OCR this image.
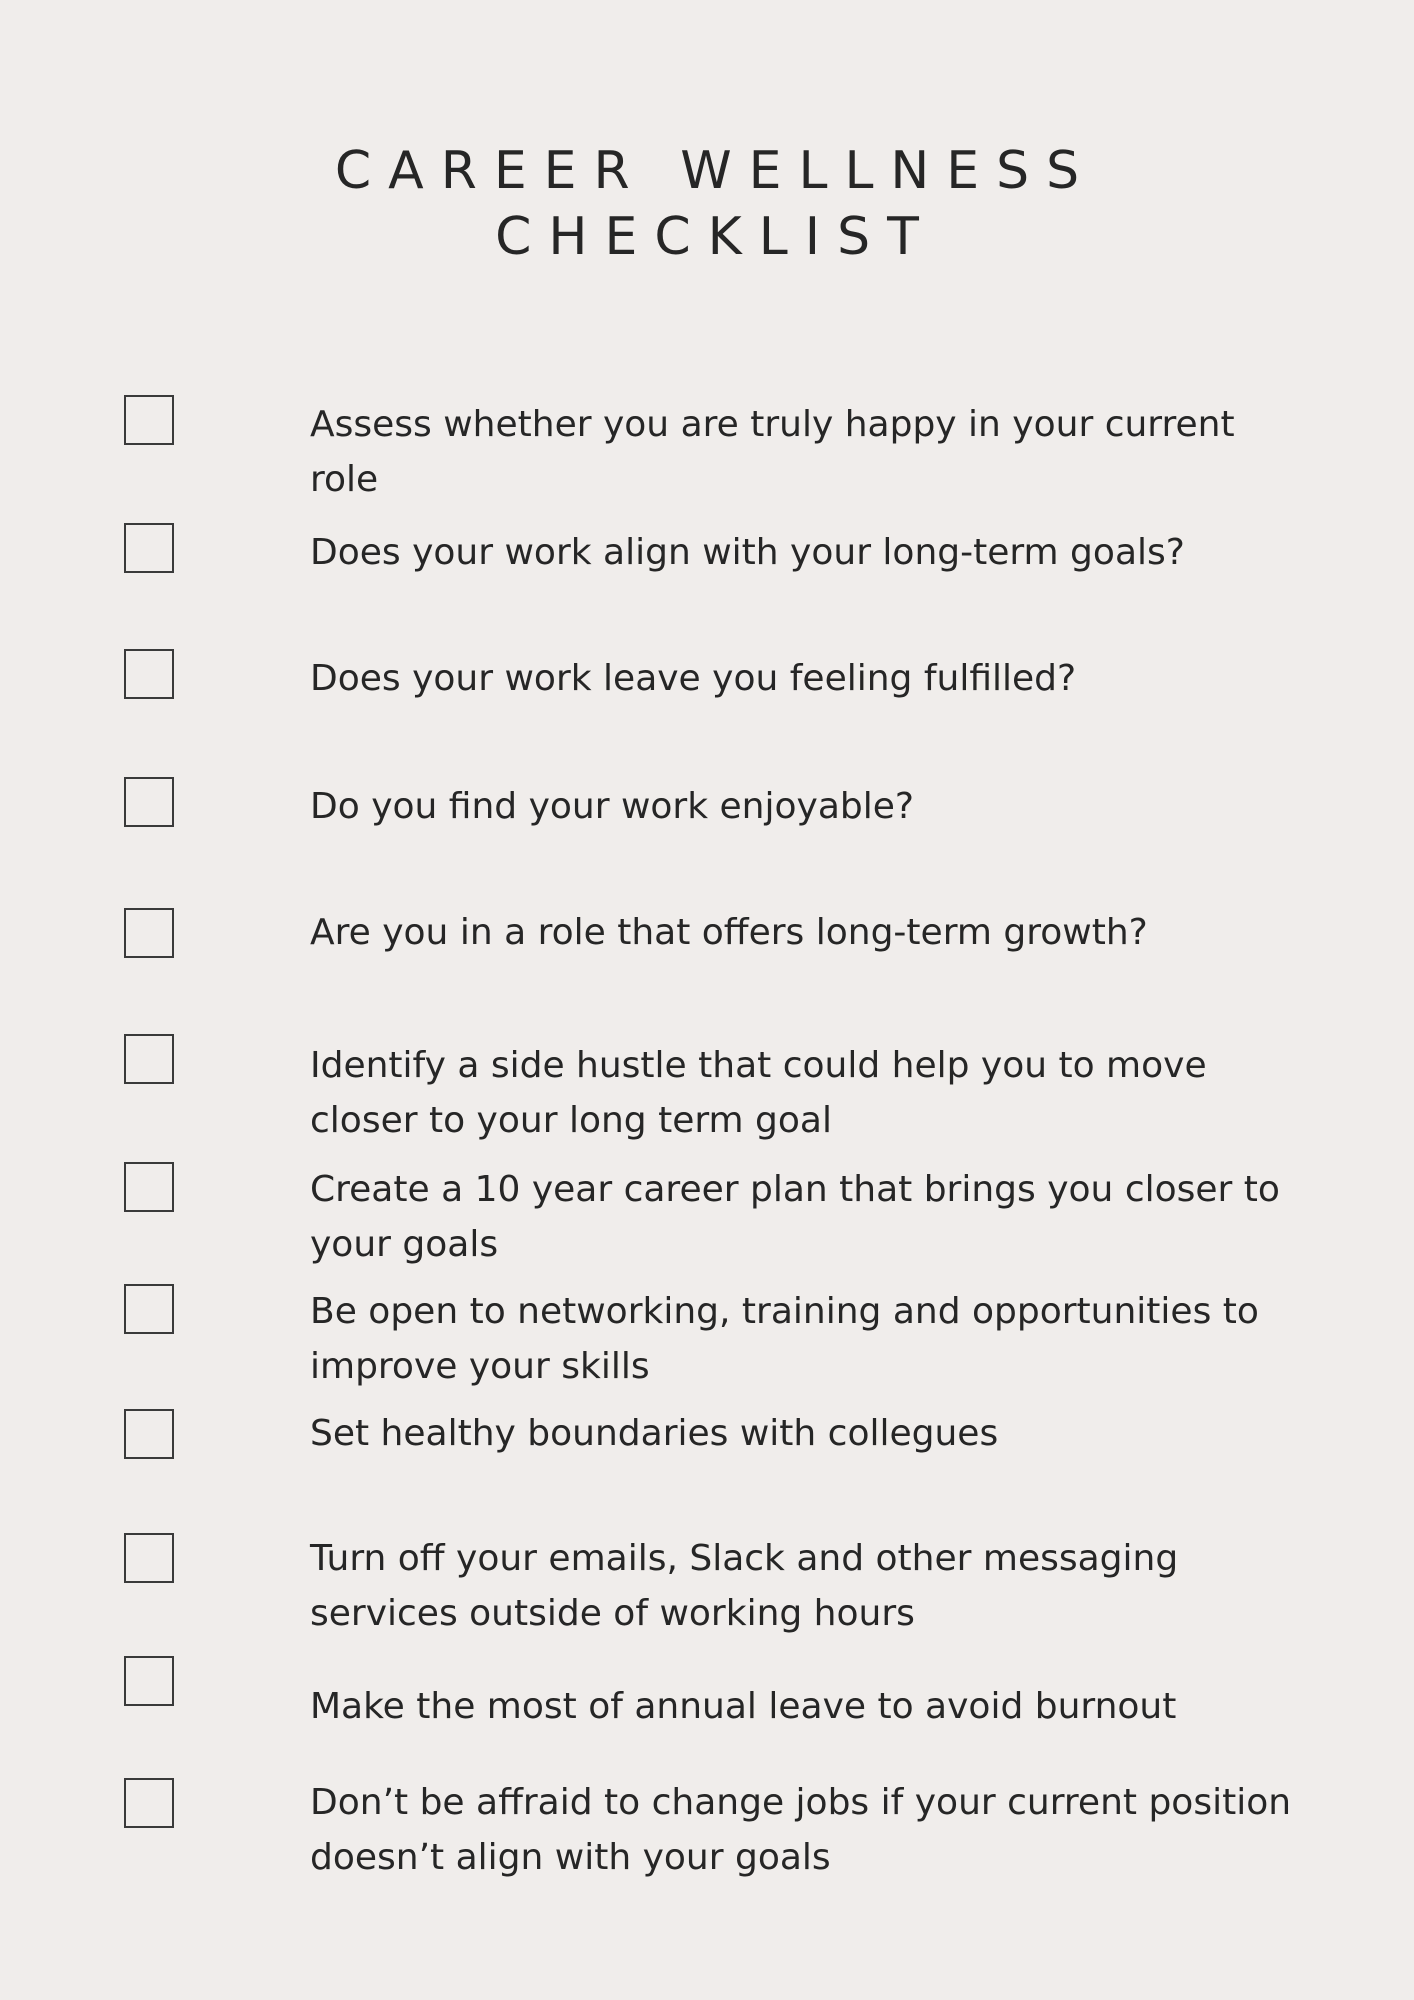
CAREER WELLNESS
CHECKLIST
Assess whether you are truly happy in your current role
Does your work align with your long-term goals?
Does your work leave you feeling fulfilled?
Do you find your work enjoyable?
Are you in a role that offers long-term growth?
Identify a side hustle that could help you to move closer to your long term goal
Create a 10 year career plan that brings you closer to your goals
Be open to networking, training and opportunities to improve your skills
Set healthy boundaries with collegues
Turn off your emails, Slack and other messaging services outside of working hours
Make the most of annual leave to avoid burnout
Don’t be affraid to change jobs if your current position doesn’t align with your goals
